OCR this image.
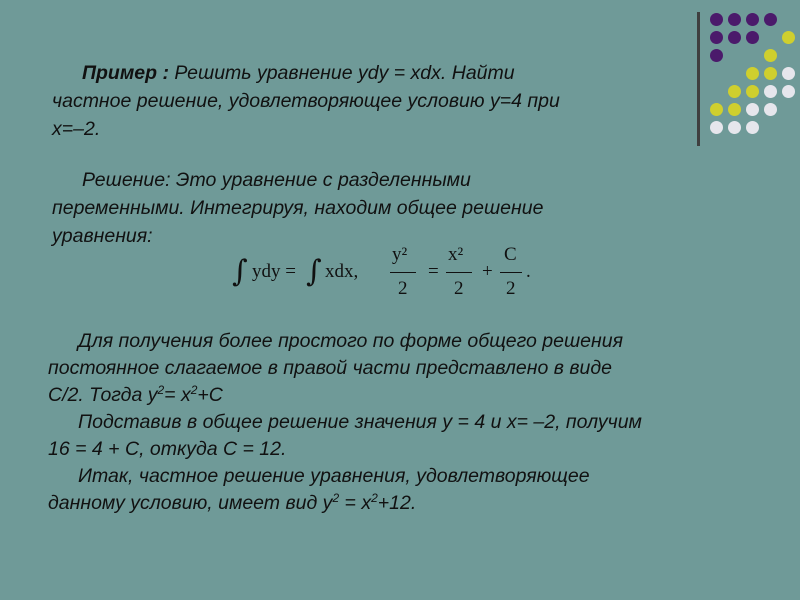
Пример : Решить уравнение ydy = xdx. Найти
частное решение, удовлетворяющее условию y=4 при
x=–2.
Решение: Это уравнение с разделенными
переменными. Интегрируя, находим общее решение
уравнения:
∫ ydy = ∫ xdx,
y²
2
=
x²
2
+
C
2
.
Для получения более простого по форме общего решения
постоянное слагаемое в правой части представлено в виде
С/2. Тогда $y^2= x^2+C$
Подставив в общее решение значения y = 4 и x= –2, получим
16 = 4 + C, откуда C = 12.
Итак, частное решение уравнения, удовлетворяющее
данному условию, имеет вид $y^2 = x^2+12$.
